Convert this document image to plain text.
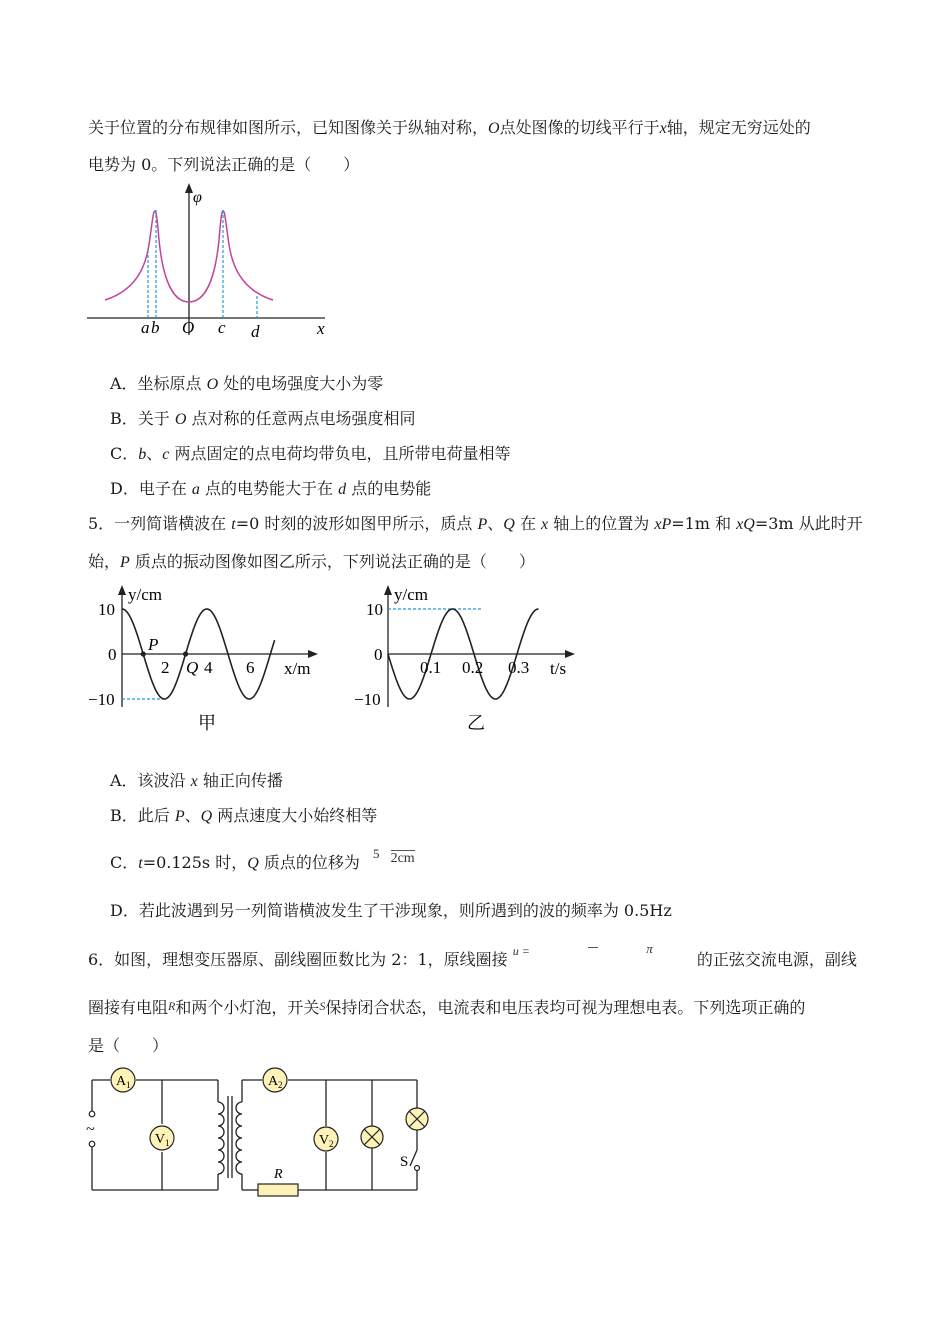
关于位置的分布规律如图所示，已知图像关于纵轴对称，O点处图像的切线平行于x轴，规定无穷远处的
电势为 0。下列说法正确的是（　　）
φ
x
a b O c d
A．坐标原点 O 处的电场强度大小为零
B．关于 O 点对称的任意两点电场强度相同
C．b、c 两点固定的点电荷均带负电，且所带电荷量相等
D．电子在 a 点的电势能大于在 d 点的电势能
5．一列简谐横波在 t=0 时刻的波形如图甲所示，质点 P、Q 在 x 轴上的位置为 xP=1m 和 xQ=3m 从此时开
始，P 质点的振动图像如图乙所示，下列说法正确的是（　　）
y/cm
x/m
10
0
−10
P
Q
2 4 6
甲
y/cm
t/s
10
0
−10
0.1 0.2 0.3
乙
A．该波沿 x 轴正向传播
B．此后 P、Q 两点速度大小始终相等
C．t=0.125s 时，Q 质点的位移为 $^5$ 2cm
D．若此波遇到另一列简谐横波发生了干涉现象，则所遇到的波的频率为 0.5Hz
6．如图，理想变压器原、副线圈匝数比为 2：1，原线圈接 $^{u =}$	$^\pi$  的正弦交流电源，副线
圈接有电阻R和两个小灯泡，开关S保持闭合状态，电流表和电压表均可视为理想电表。下列选项正确的
是（　　）
~
A 1
V 1
A 2
V 2
R
S
